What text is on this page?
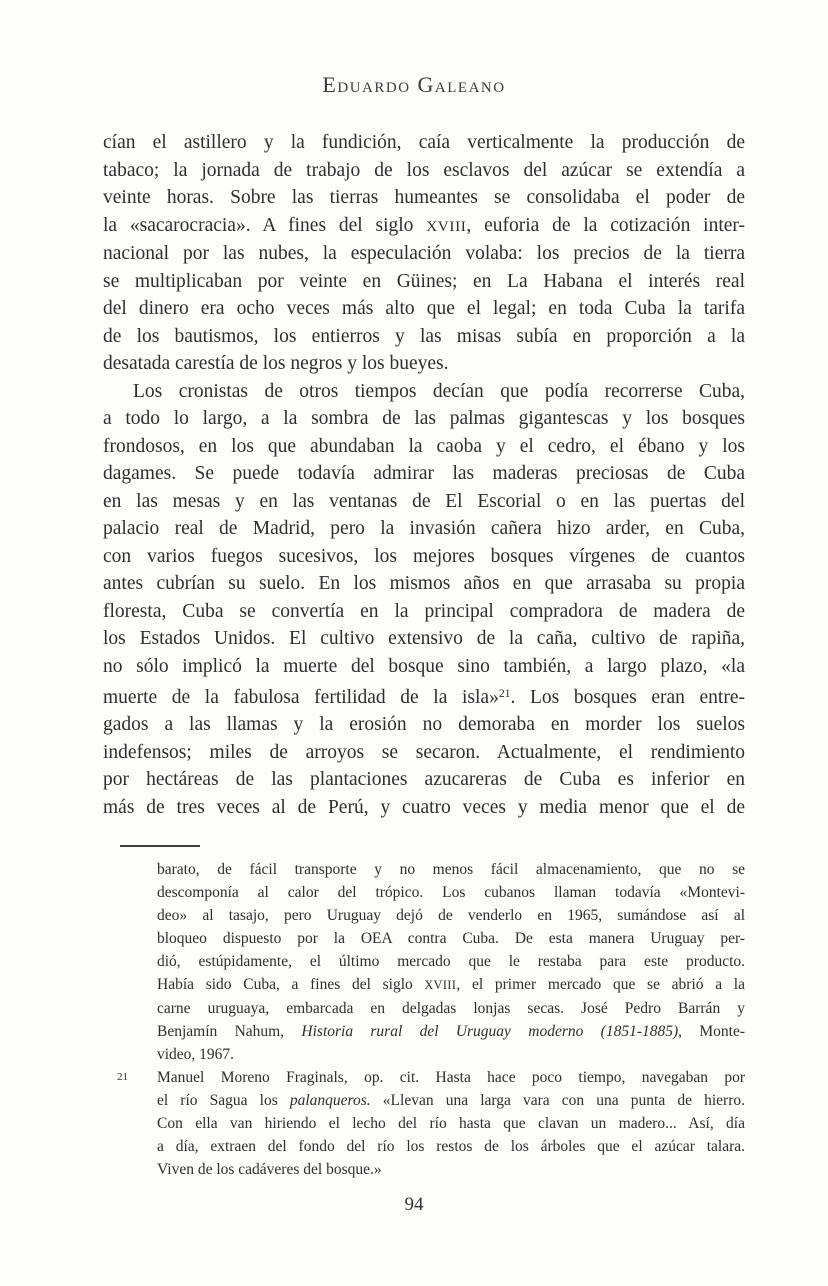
Eduardo Galeano
cían el astillero y la fundición, caía verticalmente la producción de
tabaco; la jornada de trabajo de los esclavos del azúcar se extendía a
veinte horas. Sobre las tierras humeantes se consolidaba el poder de
la «sacarocracia». A fines del siglo XVIII, euforia de la cotización inter-
nacional por las nubes, la especulación volaba: los precios de la tierra
se multiplicaban por veinte en Güines; en La Habana el interés real
del dinero era ocho veces más alto que el legal; en toda Cuba la tarifa
de los bautismos, los entierros y las misas subía en proporción a la
desatada carestía de los negros y los bueyes.
Los cronistas de otros tiempos decían que podía recorrerse Cuba,
a todo lo largo, a la sombra de las palmas gigantescas y los bosques
frondosos, en los que abundaban la caoba y el cedro, el ébano y los
dagames. Se puede todavía admirar las maderas preciosas de Cuba
en las mesas y en las ventanas de El Escorial o en las puertas del
palacio real de Madrid, pero la invasión cañera hizo arder, en Cuba,
con varios fuegos sucesivos, los mejores bosques vírgenes de cuantos
antes cubrían su suelo. En los mismos años en que arrasaba su propia
floresta, Cuba se convertía en la principal compradora de madera de
los Estados Unidos. El cultivo extensivo de la caña, cultivo de rapiña,
no sólo implicó la muerte del bosque sino también, a largo plazo, «la
muerte de la fabulosa fertilidad de la isla»$^{21}$. Los bosques eran entre-
gados a las llamas y la erosión no demoraba en morder los suelos
indefensos; miles de arroyos se secaron. Actualmente, el rendimiento
por hectáreas de las plantaciones azucareras de Cuba es inferior en
más de tres veces al de Perú, y cuatro veces y media menor que el de
barato, de fácil transporte y no menos fácil almacenamiento, que no se
descomponía al calor del trópico. Los cubanos llaman todavía «Montevi-
deo» al tasajo, pero Uruguay dejó de venderlo en 1965, sumándose así al
bloqueo dispuesto por la OEA contra Cuba. De esta manera Uruguay per-
dió, estúpidamente, el último mercado que le restaba para este producto.
Había sido Cuba, a fines del siglo XVIII, el primer mercado que se abrió a la
carne uruguaya, embarcada en delgadas lonjas secas. José Pedro Barrán y
Benjamín Nahum, Historia rural del Uruguay moderno (1851-1885), Monte-
video, 1967.
21 Manuel Moreno Fraginals, op. cit. Hasta hace poco tiempo, navegaban por
el río Sagua los palanqueros. «Llevan una larga vara con una punta de hierro.
Con ella van hiriendo el lecho del río hasta que clavan un madero... Así, día
a día, extraen del fondo del río los restos de los árboles que el azúcar talara.
Viven de los cadáveres del bosque.»
94
